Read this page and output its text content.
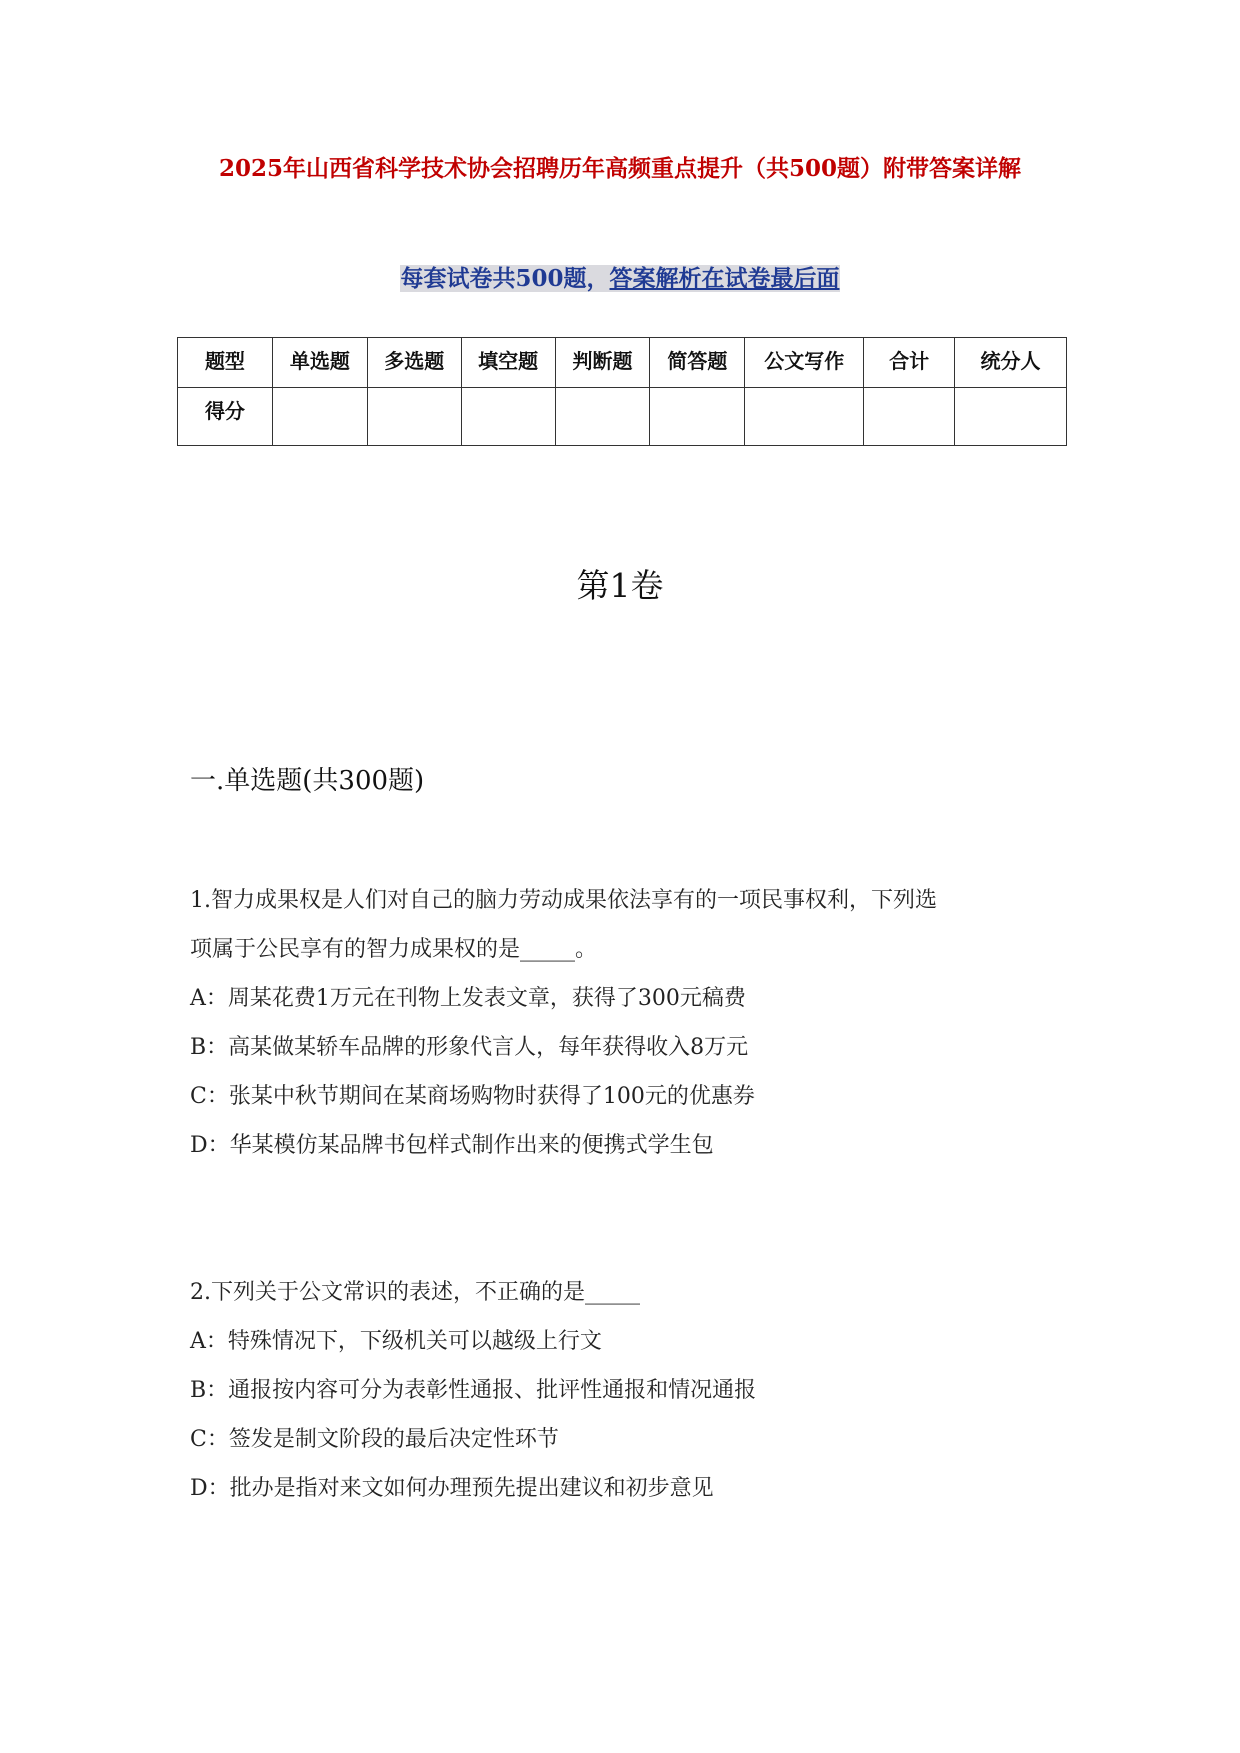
2025年山西省科学技术协会招聘历年高频重点提升（共500题）附带答案详解
每套试卷共500题，答案解析在试卷最后面
题型	单选题	多选题	填空题	判断题	简答题	公文写作	合计	统分人
得分								
第1卷
一.单选题(共300题)

1.智力成果权是人们对自己的脑力劳动成果依法享有的一项民事权利，下列选

项属于公民享有的智力成果权的是_____。

A：周某花费1万元在刊物上发表文章，获得了300元稿费

B：高某做某轿车品牌的形象代言人，每年获得收入8万元

C：张某中秋节期间在某商场购物时获得了100元的优惠券

D：华某模仿某品牌书包样式制作出来的便携式学生包

2.下列关于公文常识的表述，不正确的是_____

A：特殊情况下，下级机关可以越级上行文

B：通报按内容可分为表彰性通报、批评性通报和情况通报

C：签发是制文阶段的最后决定性环节

D：批办是指对来文如何办理预先提出建议和初步意见
